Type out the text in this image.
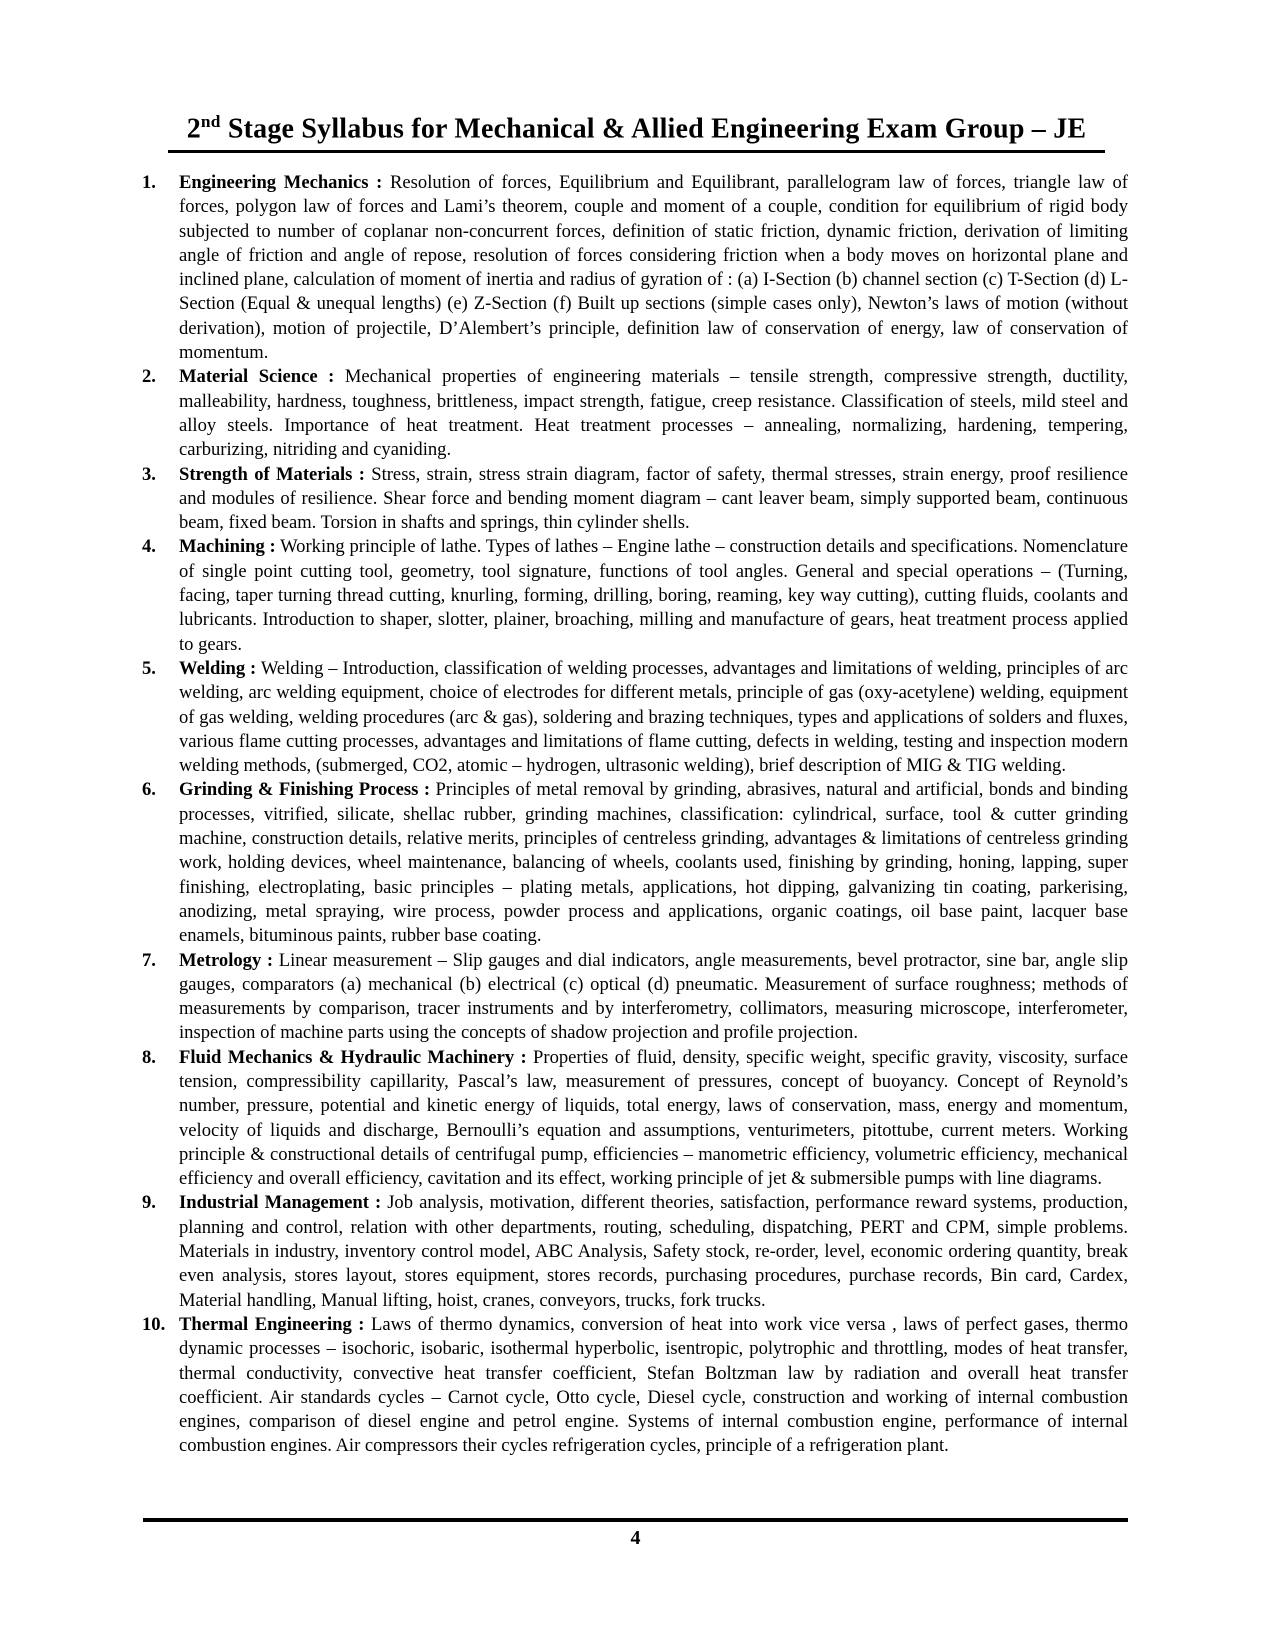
2nd Stage Syllabus for Mechanical & Allied Engineering Exam Group – JE
1. Engineering Mechanics : Resolution of forces, Equilibrium and Equilibrant, parallelogram law of forces, triangle law of forces, polygon law of forces and Lami’s theorem, couple and moment of a couple, condition for equilibrium of rigid body subjected to number of coplanar non-concurrent forces, definition of static friction, dynamic friction, derivation of limiting angle of friction and angle of repose, resolution of forces considering friction when a body moves on horizontal plane and inclined plane, calculation of moment of inertia and radius of gyration of : (a) I-Section (b) channel section (c) T-Section (d) L-Section (Equal & unequal lengths) (e) Z-Section (f) Built up sections (simple cases only), Newton’s laws of motion (without derivation), motion of projectile, D’Alembert’s principle, definition law of conservation of energy, law of conservation of momentum.
2. Material Science : Mechanical properties of engineering materials – tensile strength, compressive strength, ductility, malleability, hardness, toughness, brittleness, impact strength, fatigue, creep resistance. Classification of steels, mild steel and alloy steels. Importance of heat treatment. Heat treatment processes – annealing, normalizing, hardening, tempering, carburizing, nitriding and cyaniding.
3. Strength of Materials : Stress, strain, stress strain diagram, factor of safety, thermal stresses, strain energy, proof resilience and modules of resilience. Shear force and bending moment diagram – cant leaver beam, simply supported beam, continuous beam, fixed beam. Torsion in shafts and springs, thin cylinder shells.
4. Machining : Working principle of lathe. Types of lathes – Engine lathe – construction details and specifications. Nomenclature of single point cutting tool, geometry, tool signature, functions of tool angles. General and special operations – (Turning, facing, taper turning thread cutting, knurling, forming, drilling, boring, reaming, key way cutting), cutting fluids, coolants and lubricants. Introduction to shaper, slotter, plainer, broaching, milling and manufacture of gears, heat treatment process applied to gears.
5. Welding : Welding – Introduction, classification of welding processes, advantages and limitations of welding, principles of arc welding, arc welding equipment, choice of electrodes for different metals, principle of gas (oxy-acetylene) welding, equipment of gas welding, welding procedures (arc & gas), soldering and brazing techniques, types and applications of solders and fluxes, various flame cutting processes, advantages and limitations of flame cutting, defects in welding, testing and inspection modern welding methods, (submerged, CO2, atomic – hydrogen, ultrasonic welding), brief description of MIG & TIG welding.
6. Grinding & Finishing Process : Principles of metal removal by grinding, abrasives, natural and artificial, bonds and binding processes, vitrified, silicate, shellac rubber, grinding machines, classification: cylindrical, surface, tool & cutter grinding machine, construction details, relative merits, principles of centreless grinding, advantages & limitations of centreless grinding work, holding devices, wheel maintenance, balancing of wheels, coolants used, finishing by grinding, honing, lapping, super finishing, electroplating, basic principles – plating metals, applications, hot dipping, galvanizing tin coating, parkerising, anodizing, metal spraying, wire process, powder process and applications, organic coatings, oil base paint, lacquer base enamels, bituminous paints, rubber base coating.
7. Metrology : Linear measurement – Slip gauges and dial indicators, angle measurements, bevel protractor, sine bar, angle slip gauges, comparators (a) mechanical (b) electrical (c) optical (d) pneumatic. Measurement of surface roughness; methods of measurements by comparison, tracer instruments and by interferometry, collimators, measuring microscope, interferometer, inspection of machine parts using the concepts of shadow projection and profile projection.
8. Fluid Mechanics & Hydraulic Machinery : Properties of fluid, density, specific weight, specific gravity, viscosity, surface tension, compressibility capillarity, Pascal’s law, measurement of pressures, concept of buoyancy. Concept of Reynold’s number, pressure, potential and kinetic energy of liquids, total energy, laws of conservation, mass, energy and momentum, velocity of liquids and discharge, Bernoulli’s equation and assumptions, venturimeters, pitottube, current meters. Working principle & constructional details of centrifugal pump, efficiencies – manometric efficiency, volumetric efficiency, mechanical efficiency and overall efficiency, cavitation and its effect, working principle of jet & submersible pumps with line diagrams.
9. Industrial Management : Job analysis, motivation, different theories, satisfaction, performance reward systems, production, planning and control, relation with other departments, routing, scheduling, dispatching, PERT and CPM, simple problems. Materials in industry, inventory control model, ABC Analysis, Safety stock, re-order, level, economic ordering quantity, break even analysis, stores layout, stores equipment, stores records, purchasing procedures, purchase records, Bin card, Cardex, Material handling, Manual lifting, hoist, cranes, conveyors, trucks, fork trucks.
10. Thermal Engineering : Laws of thermo dynamics, conversion of heat into work vice versa , laws of perfect gases, thermo dynamic processes – isochoric, isobaric, isothermal hyperbolic, isentropic, polytrophic and throttling, modes of heat transfer, thermal conductivity, convective heat transfer coefficient, Stefan Boltzman law by radiation and overall heat transfer coefficient. Air standards cycles – Carnot cycle, Otto cycle, Diesel cycle, construction and working of internal combustion engines, comparison of diesel engine and petrol engine. Systems of internal combustion engine, performance of internal combustion engines. Air compressors their cycles refrigeration cycles, principle of a refrigeration plant.
4
